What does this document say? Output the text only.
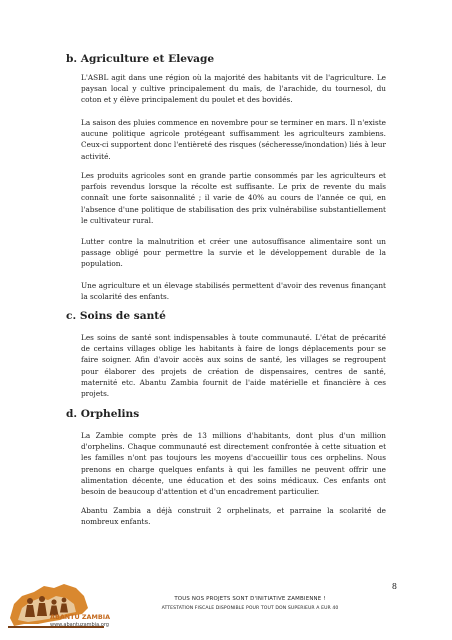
b. Agriculture et Elevage

L'ASBL agit dans une région où la majorité des habitants vit de l'agriculture. Le paysan local y cultive principalement du maïs, de l'arachide, du tournesol, du coton et y élève principalement du poulet et des bovidés.

La saison des pluies commence en novembre pour se terminer en mars. Il n'existe aucune politique agricole protégeant suffisamment les agriculteurs zambiens. Ceux-ci supportent donc l'entièreté des risques (sécheresse/inondation) liés à leur activité.

Les produits agricoles sont en grande partie consommés par les agriculteurs et parfois revendus lorsque la récolte est suffisante. Le prix de revente du maïs connaît une forte saisonnalité ; il varie de 40% au cours de l'année ce qui, en l'absence d'une politique de stabilisation des prix vulnérabilise substantiellement le cultivateur rural.

Lutter contre la malnutrition et créer une autosuffisance alimentaire sont un passage obligé pour permettre la survie et le développement durable de la population.

Une agriculture et un élevage stabilisés permettent d'avoir des revenus finançant la scolarité des enfants.

c. Soins de santé

Les soins de santé sont indispensables à toute communauté. L'état de précarité de certains villages oblige les habitants à faire de longs déplacements pour se faire soigner. Afin d'avoir accès aux soins de santé, les villages se regroupent pour élaborer des projets de création de dispensaires, centres de santé, maternité etc. Abantu Zambia fournit de l'aide matérielle et financière à ces projets.

d. Orphelins

La Zambie compte près de 13 millions d'habitants, dont plus d'un million d'orphelins. Chaque communauté est directement confrontée à cette situation et les familles n'ont pas toujours les moyens d'accueillir tous ces orphelins. Nous prenons en charge quelques enfants à qui les familles ne peuvent offrir une alimentation décente, une éducation et des soins médicaux. Ces enfants ont besoin de beaucoup d'attention et d'un encadrement particulier.

Abantu Zambia a déjà construit 2 orphelinats, et parraine la scolarité de nombreux enfants.

8
TOUS NOS PROJETS SONT D'INITIATIVE ZAMBIENNE !
ATTESTATION FISCALE DISPONIBLE POUR TOUT DON SUPERIEUR A EUR 40
ABANTU ZAMBIA
www.abantuzambia.org
